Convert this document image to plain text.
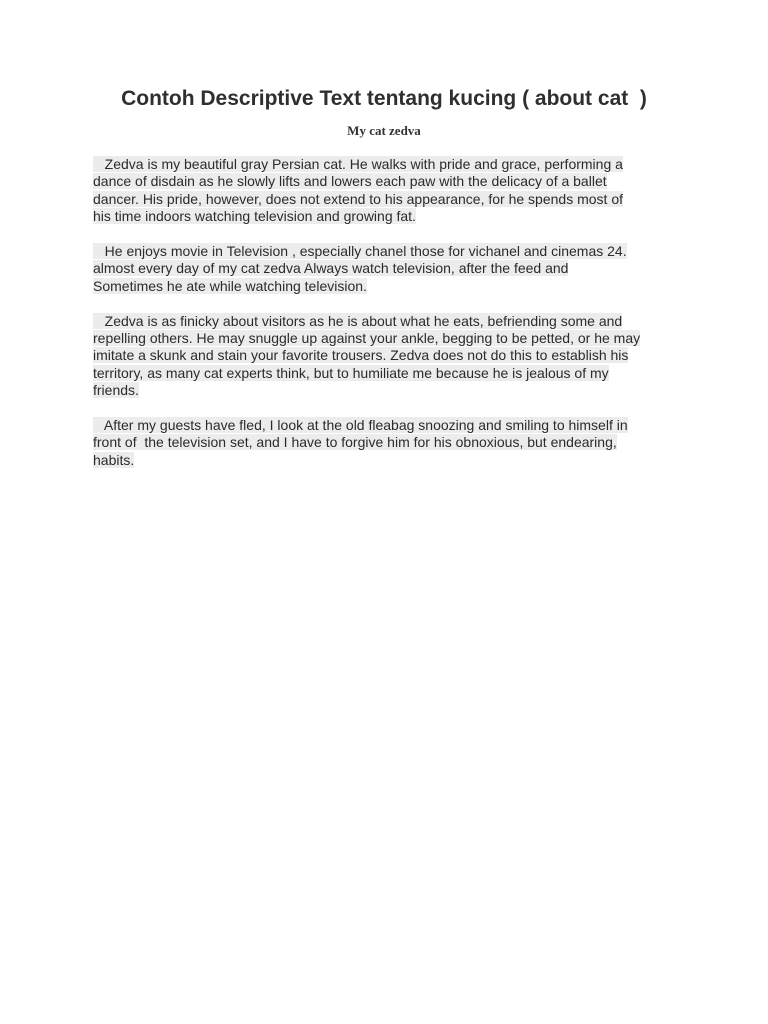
Contoh Descriptive Text tentang kucing ( about cat  )
My cat zedva

Zedva is my beautiful gray Persian cat. He walks with pride and grace, performing a
dance of disdain as he slowly lifts and lowers each paw with the delicacy of a ballet
dancer. His pride, however, does not extend to his appearance, for he spends most of
his time indoors watching television and growing fat.

He enjoys movie in Television , especially chanel those for vichanel and cinemas 24.
almost every day of my cat zedva Always watch television, after the feed and
Sometimes he ate while watching television.

Zedva is as finicky about visitors as he is about what he eats, befriending some and
repelling others. He may snuggle up against your ankle, begging to be petted, or he may
imitate a skunk and stain your favorite trousers. Zedva does not do this to establish his
territory, as many cat experts think, but to humiliate me because he is jealous of my
friends.

After my guests have fled, I look at the old fleabag snoozing and smiling to himself in
front of  the television set, and I have to forgive him for his obnoxious, but endearing,
habits.
